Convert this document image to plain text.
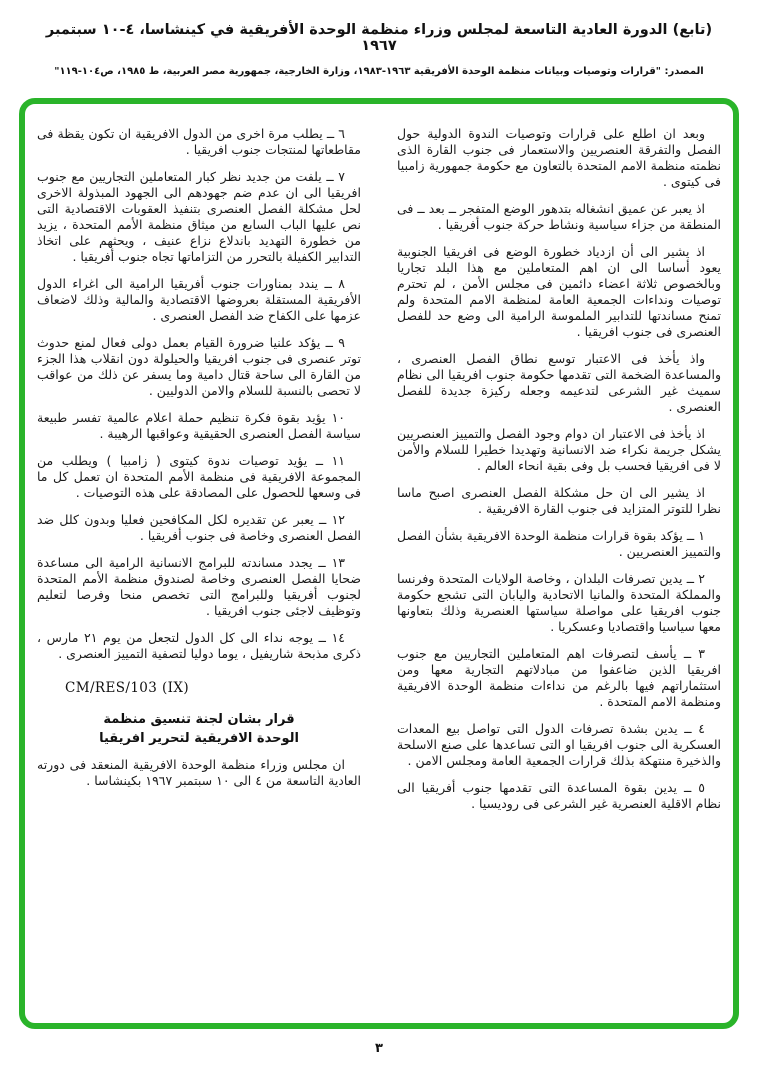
(تابع) الدورة العادية التاسعة لمجلس وزراء منظمة الوحدة الأفريقية في كينشاسا، ٤-١٠ سبتمبر ١٩٦٧
المصدر: "قرارات وتوصيات وبيانات منظمة الوحدة الأفريقية ١٩٦٣-١٩٨٣، وزارة الخارجية، جمهورية مصر العربية، ط ١٩٨٥، ص١٠٤-١١٩"

وبعد ان اطلع على قرارات وتوصيات الندوة الدولية حول الفصل والتفرقة العنصريين والاستعمار فى جنوب القارة الذى نظمته منظمة الامم المتحدة بالتعاون مع حكومة جمهورية زامبيا فى كيتوى .

اذ يعبر عن عميق انشغاله بتدهور الوضع المتفجر ــ بعد ــ فى المنطقة من جزاء سياسية ونشاط حركة جنوب أفريقيا .

اذ يشير الى أن ازدياد خطورة الوضع فى افريقيا الجنوبية يعود أساسا الى ان اهم المتعاملين مع هذا البلد تجاريا وبالخصوص ثلاثة اعضاء دائمين فى مجلس الأمن ، لم تحترم توصيات ونداءات الجمعية العامة لمنظمة الامم المتحدة ولم تمنح مساندتها للتدابير الملموسة الرامية الى وضع حد للفصل العنصرى فى جنوب افريقيا .

واذ يأخذ فى الاعتبار توسع نطاق الفصل العنصرى ، والمساعدة الضخمة التى تقدمها حكومة جنوب افريقيا الى نظام سميث غير الشرعى لتدعيمه وجعله ركيزة جديدة للفصل العنصرى .

اذ يأخذ فى الاعتبار ان دوام وجود الفصل والتمييز العنصريين يشكل جريمة نكراء ضد الانسانية وتهديدا خطيرا للسلام والأمن لا فى افريقيا فحسب بل وفى بقية انحاء العالم .

اذ يشير الى ان حل مشكلة الفصل العنصرى اصبح ماسا نظرا للتوتر المتزايد فى جنوب القارة الافريقية .

١ ــ يؤكد بقوة قرارات منظمة الوحدة الافريقية بشأن الفصل والتمييز العنصريين .

٢ ــ يدين تصرفات البلدان ، وخاصة الولايات المتحدة وفرنسا والمملكة المتحدة والمانيا الاتحادية واليابان التى تشجع حكومة جنوب افريقيا على مواصلة سياستها العنصرية وذلك بتعاونها معها سياسيا واقتصاديا وعسكريا .

٣ ــ يأسف لتصرفات اهم المتعاملين التجاريين مع جنوب افريقيا الذين ضاعفوا من مبادلاتهم التجارية معها ومن استثماراتهم فيها بالرغم من نداءات منظمة الوحدة الافريقية ومنظمة الامم المتحدة .

٤ ــ يدين بشدة تصرفات الدول التى تواصل بيع المعدات العسكرية الى جنوب افريقيا او التى تساعدها على صنع الاسلحة والذخيرة منتهكة بذلك قرارات الجمعية العامة ومجلس الامن .

٥ ــ يدين بقوة المساعدة التى تقدمها جنوب أفريقيا الى نظام الاقلية العنصرية غير الشرعى فى روديسيا .

٦ ــ يطلب مرة اخرى من الدول الافريقية ان تكون يقظة فى مقاطعاتها لمنتجات جنوب افريقيا .

٧ ــ يلفت من جديد نظر كبار المتعاملين التجاريين مع جنوب افريقيا الى ان عدم ضم جهودهم الى الجهود المبذولة الاخرى لحل مشكلة الفصل العنصرى بتنفيذ العقوبات الاقتصادية التى نص عليها الباب السابع من ميثاق منظمة الأمم المتحدة ، يزيد من خطورة التهديد باندلاع نزاع عنيف ، ويحثهم على اتخاذ التدابير الكفيلة بالتحرر من التزاماتها تجاه جنوب أفريقيا .

٨ ــ يندد بمناورات جنوب أفريقيا الرامية الى اغراء الدول الأفريقية المستقلة بعروضها الاقتصادية والمالية وذلك لاضعاف عزمها على الكفاح ضد الفصل العنصرى .

٩ ــ يؤكد علنيا ضرورة القيام بعمل دولى فعال لمنع حدوث توتر عنصرى فى جنوب افريقيا والحيلولة دون انقلاب هذا الجزء من القارة الى ساحة قتال دامية وما يسفر عن ذلك من عواقب لا تحصى بالنسبة للسلام والامن الدوليين .

١٠ يؤيد بقوة فكرة تنظيم حملة اعلام عالمية تفسر طبيعة سياسة الفصل العنصرى الحقيقية وعواقبها الرهيبة .

١١ ــ يؤيد توصيات ندوة كيتوى ( زامبيا ) ويطلب من المجموعة الافريقية فى منظمة الأمم المتحدة ان تعمل كل ما فى وسعها للحصول على المصادقة على هذه التوصيات .

١٢ ــ يعبر عن تقديره لكل المكافحين فعليا وبدون كلل ضد الفصل العنصرى وخاصة فى جنوب أفريقيا .

١٣ ــ يجدد مساندته للبرامج الانسانية الرامية الى مساعدة ضحايا الفصل العنصرى وخاصة لصندوق منظمة الأمم المتحدة لجنوب أفريقيا وللبرامج التى تخصص منحا وفرصا لتعليم وتوظيف لاجئى جنوب افريقيا .

١٤ ــ يوجه نداء الى كل الدول لتجعل من يوم ٢١ مارس ، ذكرى مذبحة شاريفيل ، يوما دوليا لتصفية التمييز العنصرى .

CM/RES/103 (IX)
قرار بشان لجنة تنسيق منظمة
الوحدة الافريقية لتحرير افريقيا

ان مجلس وزراء منظمة الوحدة الافريقية المنعقد فى دورته العادية التاسعة من ٤ الى ١٠ سبتمبر ١٩٦٧ بكينشاسا .

٣
